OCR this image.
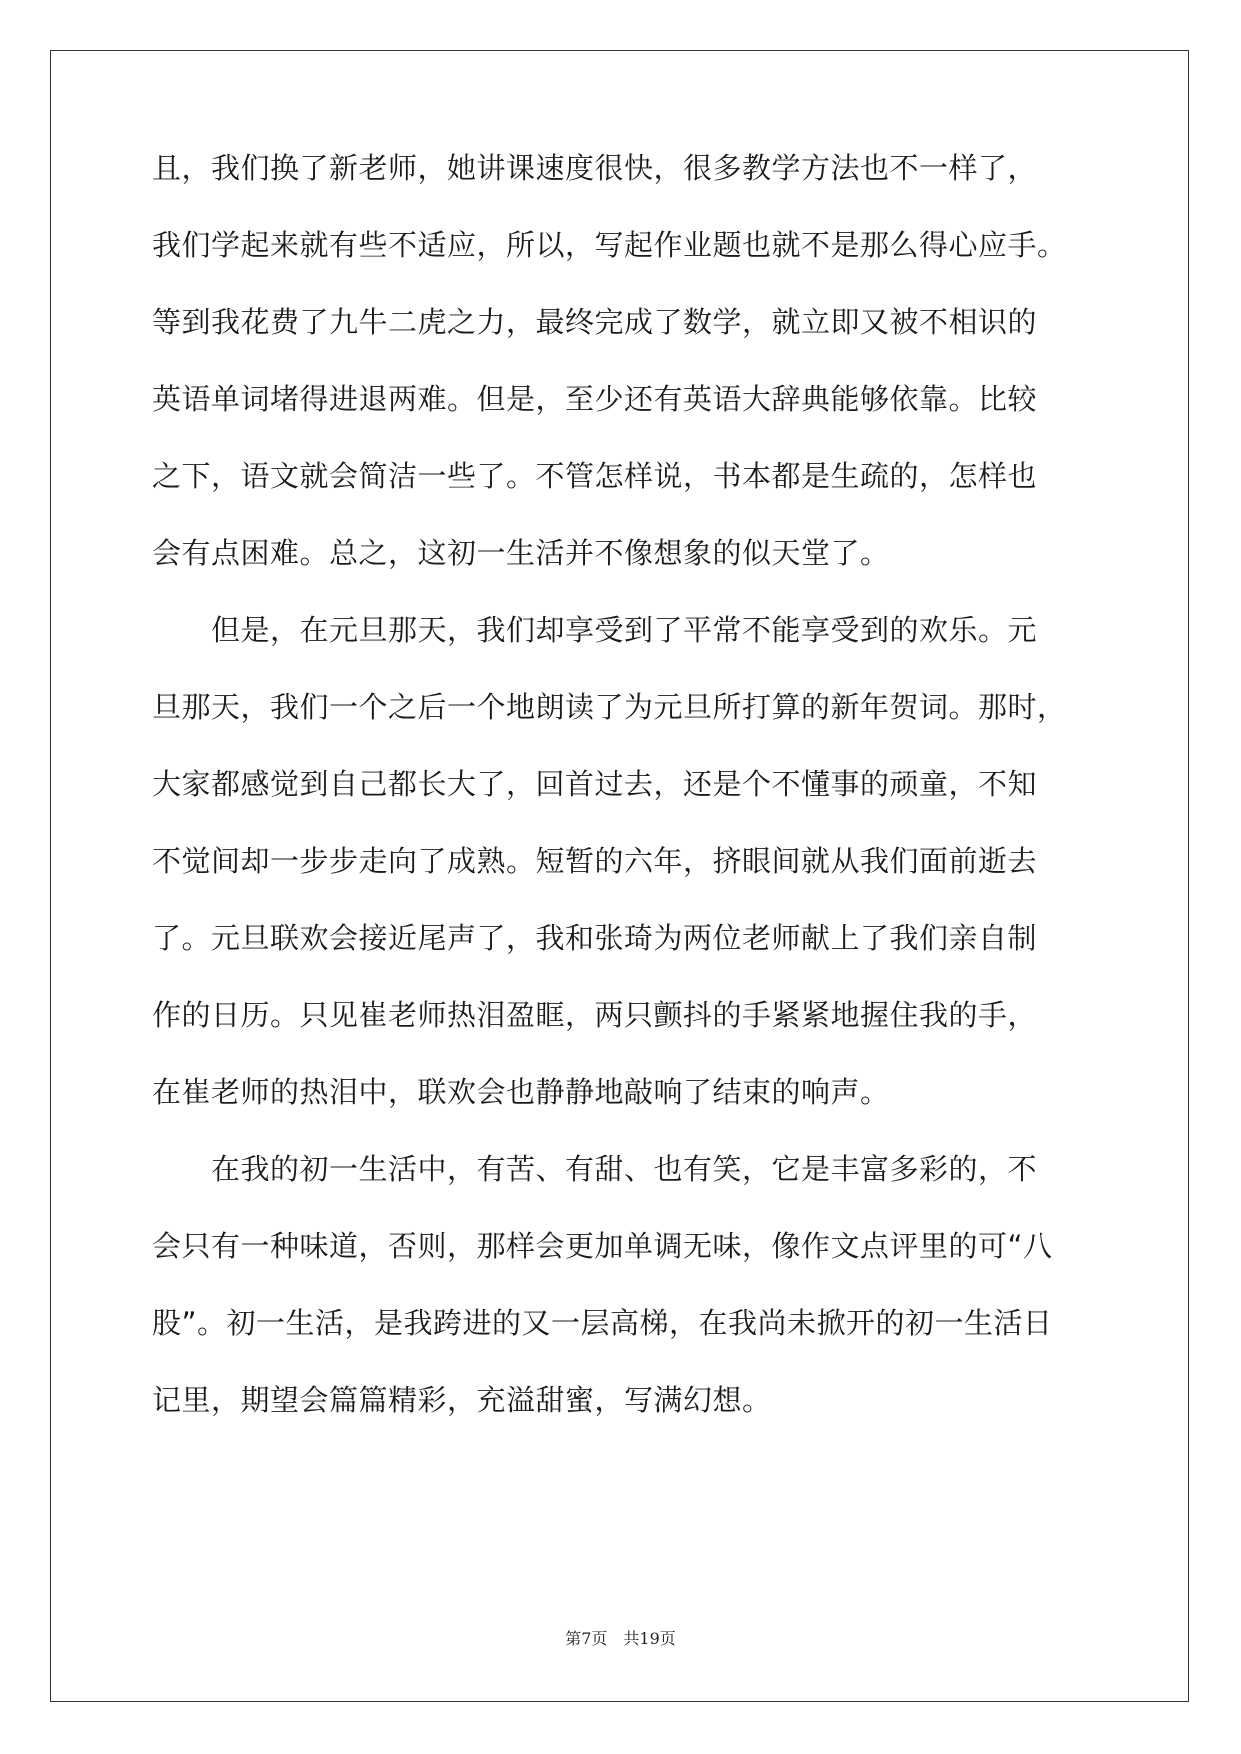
且，我们换了新老师，她讲课速度很快，很多教学方法也不一样了，
我们学起来就有些不适应，所以，写起作业题也就不是那么得心应手。
等到我花费了九牛二虎之力，最终完成了数学，就立即又被不相识的
英语单词堵得进退两难。但是，至少还有英语大辞典能够依靠。比较
之下，语文就会简洁一些了。不管怎样说，书本都是生疏的，怎样也
会有点困难。总之，这初一生活并不像想象的似天堂了。
　　但是，在元旦那天，我们却享受到了平常不能享受到的欢乐。元
旦那天，我们一个之后一个地朗读了为元旦所打算的新年贺词。那时，
大家都感觉到自己都长大了，回首过去，还是个不懂事的顽童，不知
不觉间却一步步走向了成熟。短暂的六年，挤眼间就从我们面前逝去
了。元旦联欢会接近尾声了，我和张琦为两位老师献上了我们亲自制
作的日历。只见崔老师热泪盈眶，两只颤抖的手紧紧地握住我的手，
在崔老师的热泪中，联欢会也静静地敲响了结束的响声。
　　在我的初一生活中，有苦、有甜、也有笑，它是丰富多彩的，不
会只有一种味道，否则，那样会更加单调无味，像作文点评里的可“八
股”。初一生活，是我跨进的又一层高梯，在我尚未掀开的初一生活日
记里，期望会篇篇精彩，充溢甜蜜，写满幻想。
第7页　共19页
